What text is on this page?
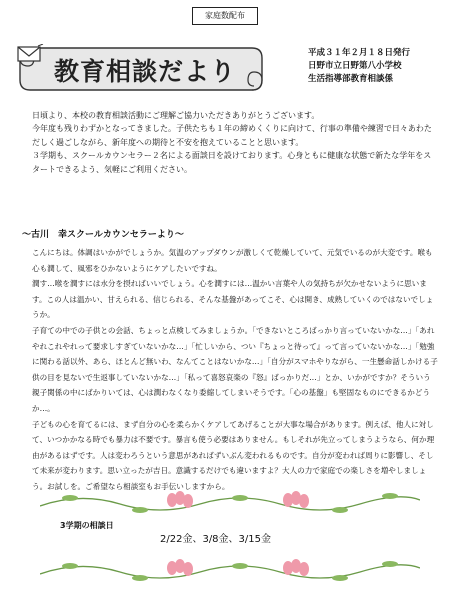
家庭数配布
教育相談だより
平成３１年２月１８日発行
日野市立日野第八小学校
生活指導部教育相談係

日頃より、本校の教育相談活動にご理解ご協力いただきありがとうございます。

今年度も残りわずかとなってきました。子供たちも１年の締めくくりに向けて、行事の準備や練習で日々あわただしく過ごしながら、新年度への期待と不安を抱えていることと思います。

３学期も、スクールカウンセラー２名による面談日を設けております。心身ともに健康な状態で新たな学年をスタートできるよう、気軽にご利用ください。

～古川　幸スクールカウンセラーより～

こんにちは。体調はいかがでしょうか。気温のアップダウンが激しくて乾燥していて、元気でいるのが大変です。喉も心も潤して、風邪をひかないようにケアしたいですね。

潤す…喉を潤すには水分を摂ればいいでしょう。心を潤すには…温かい言葉や人の気持ちが欠かせないように思います。この人は温かい、甘えられる、信じられる、そんな基盤があってこそ、心は開き、成熟していくのではないでしょうか。

子育ての中での子供との会話、ちょっと点検してみましょうか。「できないところばっかり言っていないかな…」「あれやれこれやれって要求しすぎていないかな…」「忙しいから、つい『ちょっと待って』って言っていないかな…」「勉強に関わる話以外、あら、ほとんど無いわ、なんてことはないかな…」「自分がスマホやりながら、一生懸命話しかける子供の目を見ないで生返事していないかな…」「私って喜怒哀楽の『怒』ばっかりだ…」とか、いかがですか？そういう親子関係の中にばかりいては、心は潤わなくなり委縮してしまいそうです。「心の基盤」も堅固なものにできるかどうか…。

子どもの心を育てるには、まず自分の心を柔らかくケアしてあげることが大事な場合があります。例えば、他人に対して、いつかかなる時でも暴力は不要です。暴言も使う必要はありません。もしそれが先立ってしまうようなら、何か理由があるはずです。人は変わろうという意思があればずいぶん変われるものです。自分が変われば周りに影響し、そして未来が変わります。思い立ったが吉日。意識するだけでも違いますよ？大人の力で家庭での楽しさを増やしましょう。お試しを。ご希望なら相談室もお手伝いしますから。

3学期の相談日
2/22金、3/8金、3/15金
